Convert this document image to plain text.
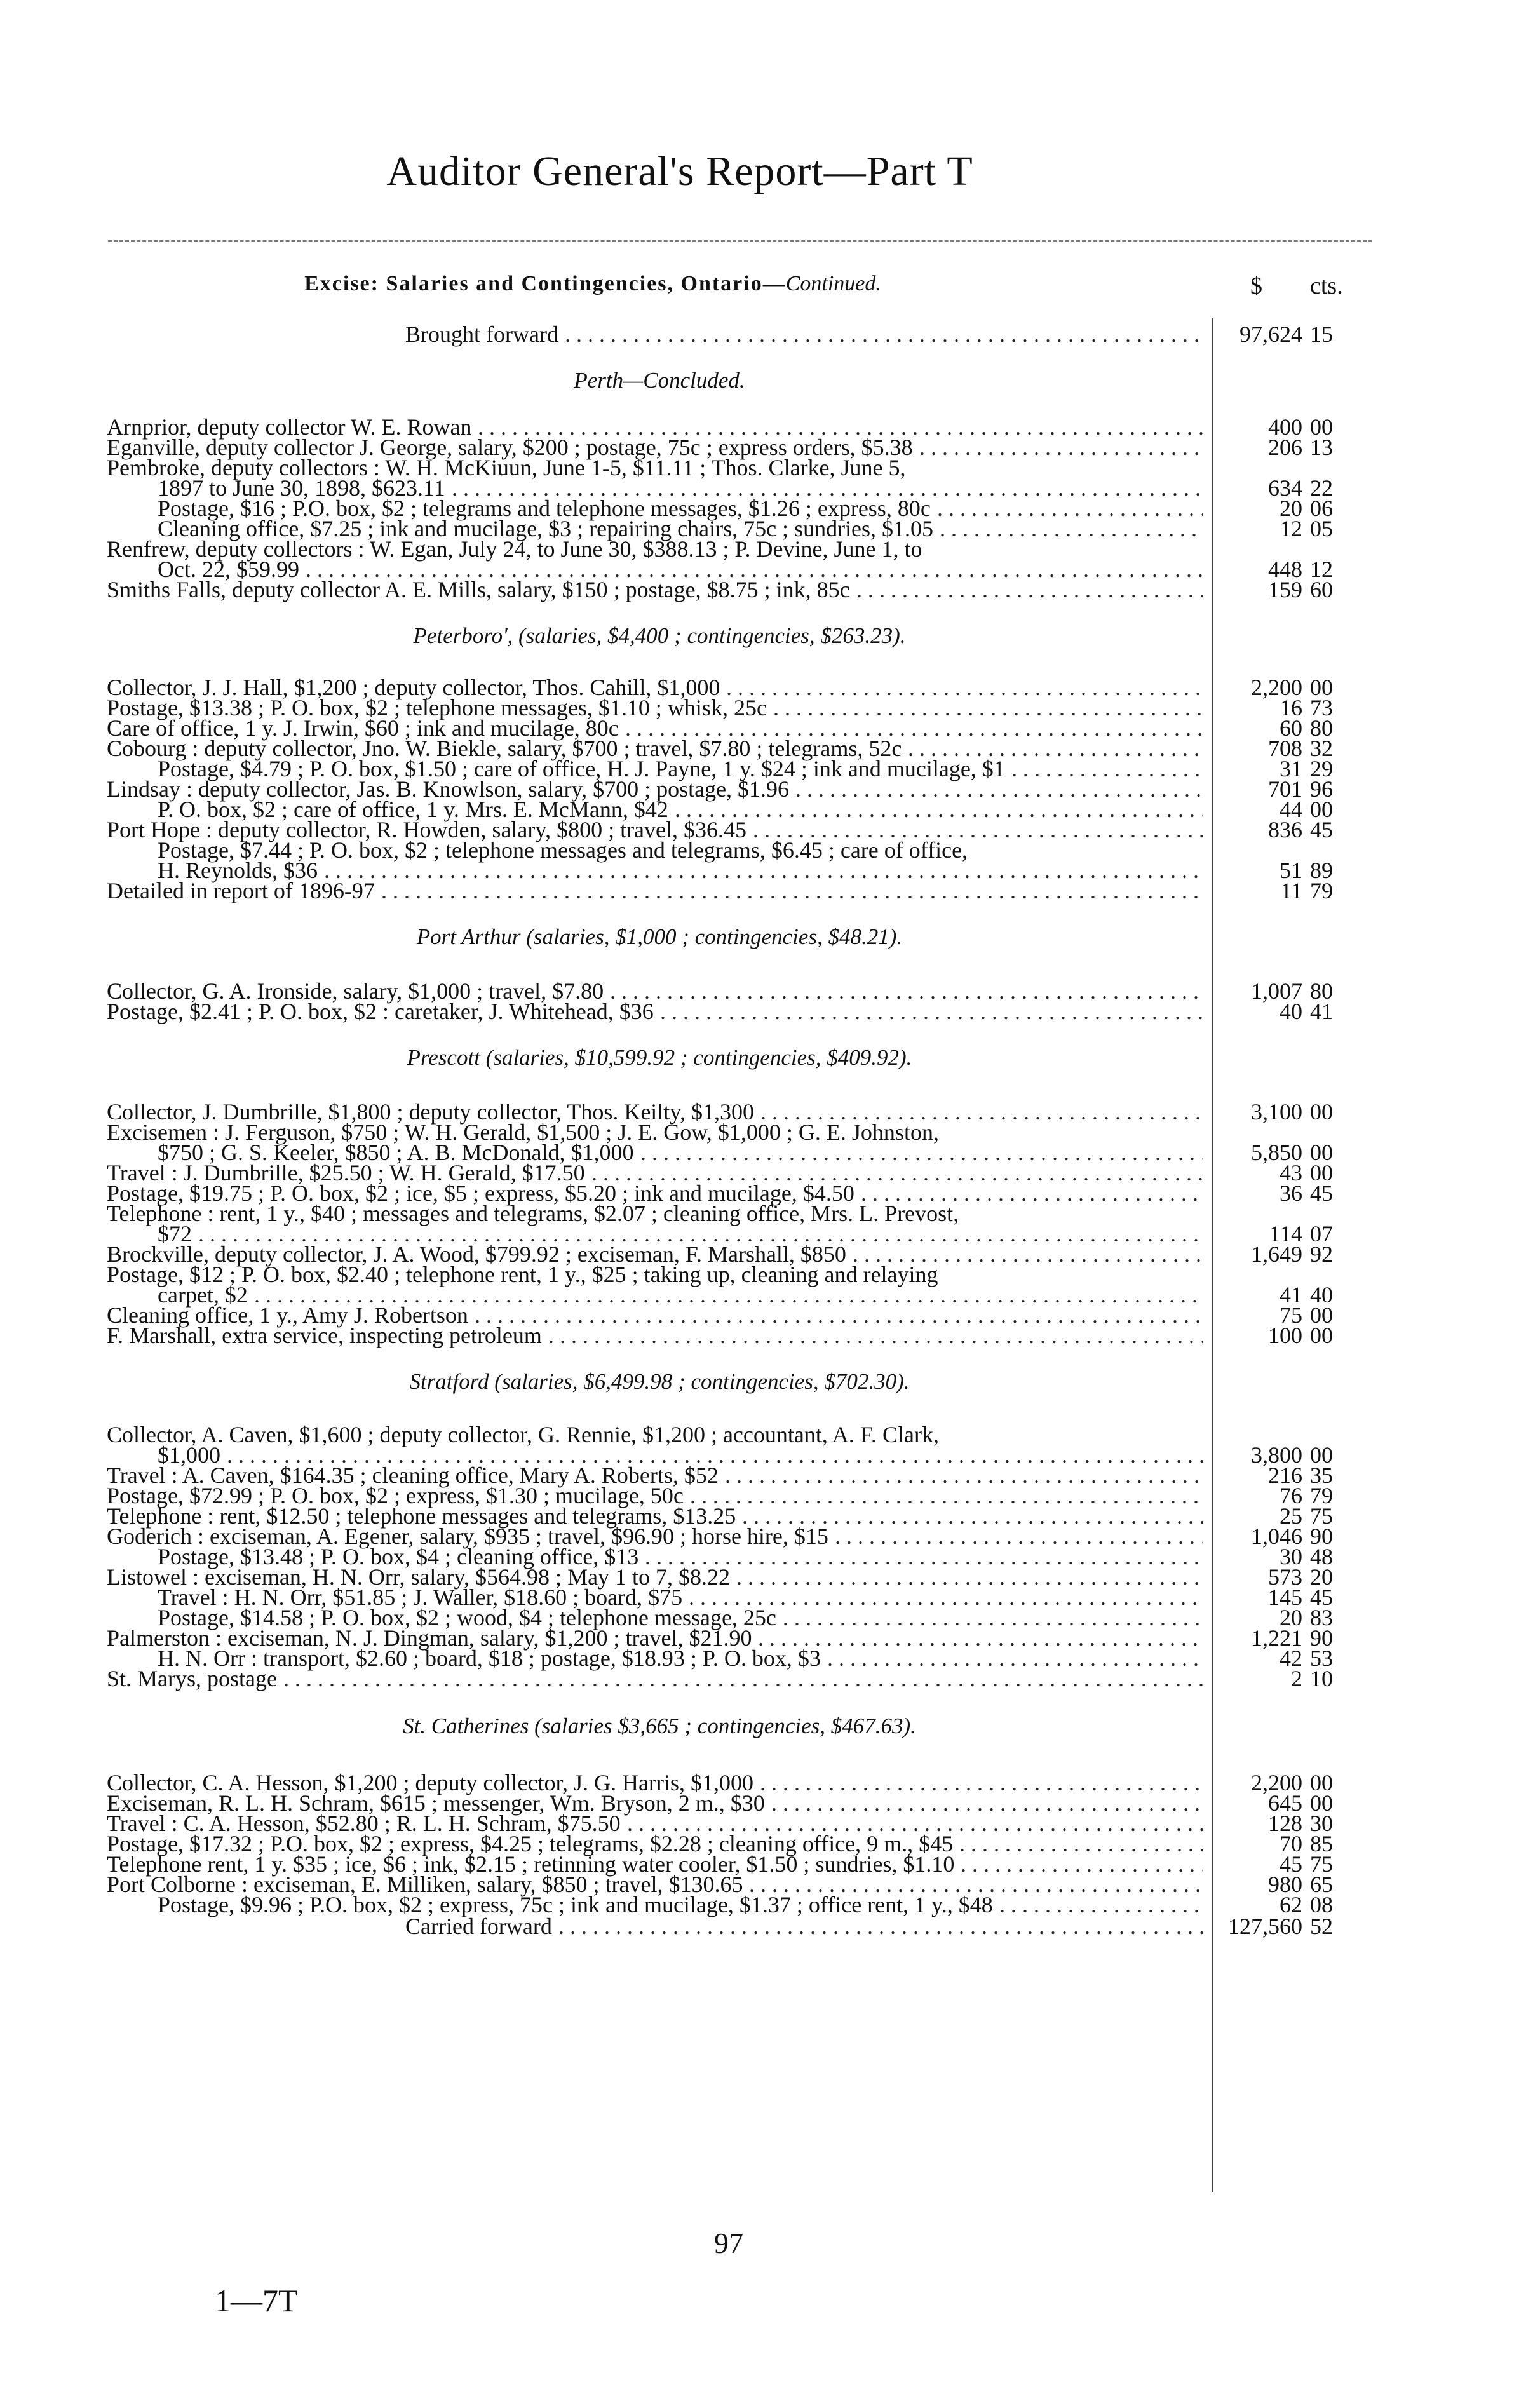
Auditor General's Report—Part T
Excise: Salaries and Contingencies, Ontario—Continued.	$ cts.
Brought forward . . .	97,624 15
Perth—Concluded.
Arnprior, deputy collector W. E. Rowan . . .	400 00
Eganville, deputy collector J. George, salary, $200 ; postage, 75c ; express orders, $5.38 . . .	206 13
Pembroke, deputy collectors : W. H. McKiuun, June 1-5, $11.11 ; Thos. Clarke, June 5,
1897 to June 30, 1898, $623.11 . . .	634 22
Postage, $16 ; P.O. box, $2 ; telegrams and telephone messages, $1.26 ; express, 80c . . .	20 06
Cleaning office, $7.25 ; ink and mucilage, $3 ; repairing chairs, 75c ; sundries, $1.05 . . .	12 05
Renfrew, deputy collectors : W. Egan, July 24, to June 30, $388.13 ; P. Devine, June 1, to
Oct. 22, $59.99 . . .	448 12
Smiths Falls, deputy collector A. E. Mills, salary, $150 ; postage, $8.75 ; ink, 85c . . .	159 60
Peterboro', (salaries, $4,400 ; contingencies, $263.23).
Collector, J. J. Hall, $1,200 ; deputy collector, Thos. Cahill, $1,000 . . .	2,200 00
Postage, $13.38 ; P. O. box, $2 ; telephone messages, $1.10 ; whisk, 25c . . .	16 73
Care of office, 1 y. J. Irwin, $60 ; ink and mucilage, 80c . . .	60 80
Cobourg : deputy collector, Jno. W. Biekle, salary, $700 ; travel, $7.80 ; telegrams, 52c . . .	708 32
Postage, $4.79 ; P. O. box, $1.50 ; care of office, H. J. Payne, 1 y. $24 ; ink and mucilage, $1 . . .	31 29
Lindsay : deputy collector, Jas. B. Knowlson, salary, $700 ; postage, $1.96 . . .	701 96
P. O. box, $2 ; care of office, 1 y. Mrs. E. McMann, $42 . . .	44 00
Port Hope : deputy collector, R. Howden, salary, $800 ; travel, $36.45 . . .	836 45
Postage, $7.44 ; P. O. box, $2 ; telephone messages and telegrams, $6.45 ; care of office,
H. Reynolds, $36 . . .	51 89
Detailed in report of 1896-97 . . .	11 79
Port Arthur (salaries, $1,000 ; contingencies, $48.21).
Collector, G. A. Ironside, salary, $1,000 ; travel, $7.80 . . .	1,007 80
Postage, $2.41 ; P. O. box, $2 : caretaker, J. Whitehead, $36 . . .	40 41
Prescott (salaries, $10,599.92 ; contingencies, $409.92).
Collector, J. Dumbrille, $1,800 ; deputy collector, Thos. Keilty, $1,300 . . .	3,100 00
Excisemen : J. Ferguson, $750 ; W. H. Gerald, $1,500 ; J. E. Gow, $1,000 ; G. E. Johnston,
$750 ; G. S. Keeler, $850 ; A. B. McDonald, $1,000 . . .	5,850 00
Travel : J. Dumbrille, $25.50 ; W. H. Gerald, $17.50 . . .	43 00
Postage, $19.75 ; P. O. box, $2 ; ice, $5 ; express, $5.20 ; ink and mucilage, $4.50 . . .	36 45
Telephone : rent, 1 y., $40 ; messages and telegrams, $2.07 ; cleaning office, Mrs. L. Prevost,
$72 . . .	114 07
Brockville, deputy collector, J. A. Wood, $799.92 ; exciseman, F. Marshall, $850 . . .	1,649 92
Postage, $12 ; P. O. box, $2.40 ; telephone rent, 1 y., $25 ; taking up, cleaning and relaying
carpet, $2 . . .	41 40
Cleaning office, 1 y., Amy J. Robertson . . .	75 00
F. Marshall, extra service, inspecting petroleum . . .	100 00
Stratford (salaries, $6,499.98 ; contingencies, $702.30).
Collector, A. Caven, $1,600 ; deputy collector, G. Rennie, $1,200 ; accountant, A. F. Clark,
$1,000 . . .	3,800 00
Travel : A. Caven, $164.35 ; cleaning office, Mary A. Roberts, $52 . . .	216 35
Postage, $72.99 ; P. O. box, $2 ; express, $1.30 ; mucilage, 50c . . .	76 79
Telephone : rent, $12.50 ; telephone messages and telegrams, $13.25 . . .	25 75
Goderich : exciseman, A. Egener, salary, $935 ; travel, $96.90 ; horse hire, $15 . . .	1,046 90
Postage, $13.48 ; P. O. box, $4 ; cleaning office, $13 . . .	30 48
Listowel : exciseman, H. N. Orr, salary, $564.98 ; May 1 to 7, $8.22 . . .	573 20
Travel : H. N. Orr, $51.85 ; J. Waller, $18.60 ; board, $75 . . .	145 45
Postage, $14.58 ; P. O. box, $2 ; wood, $4 ; telephone message, 25c . . .	20 83
Palmerston : exciseman, N. J. Dingman, salary, $1,200 ; travel, $21.90 . . .	1,221 90
H. N. Orr : transport, $2.60 ; board, $18 ; postage, $18.93 ; P. O. box, $3 . . .	42 53
St. Marys, postage . . .	2 10
St. Catherines (salaries $3,665 ; contingencies, $467.63).
Collector, C. A. Hesson, $1,200 ; deputy collector, J. G. Harris, $1,000 . . .	2,200 00
Exciseman, R. L. H. Schram, $615 ; messenger, Wm. Bryson, 2 m., $30 . . .	645 00
Travel : C. A. Hesson, $52.80 ; R. L. H. Schram, $75.50 . . .	128 30
Postage, $17.32 ; P.O. box, $2 ; express, $4.25 ; telegrams, $2.28 ; cleaning office, 9 m., $45 . . .	70 85
Telephone rent, 1 y. $35 ; ice, $6 ; ink, $2.15 ; retinning water cooler, $1.50 ; sundries, $1.10 . . .	45 75
Port Colborne : exciseman, E. Milliken, salary, $850 ; travel, $130.65 . . .	980 65
Postage, $9.96 ; P.O. box, $2 ; express, 75c ; ink and mucilage, $1.37 ; office rent, 1 y., $48 . . .	62 08
Carried forward . . .	127,560 52
97
1—7T
